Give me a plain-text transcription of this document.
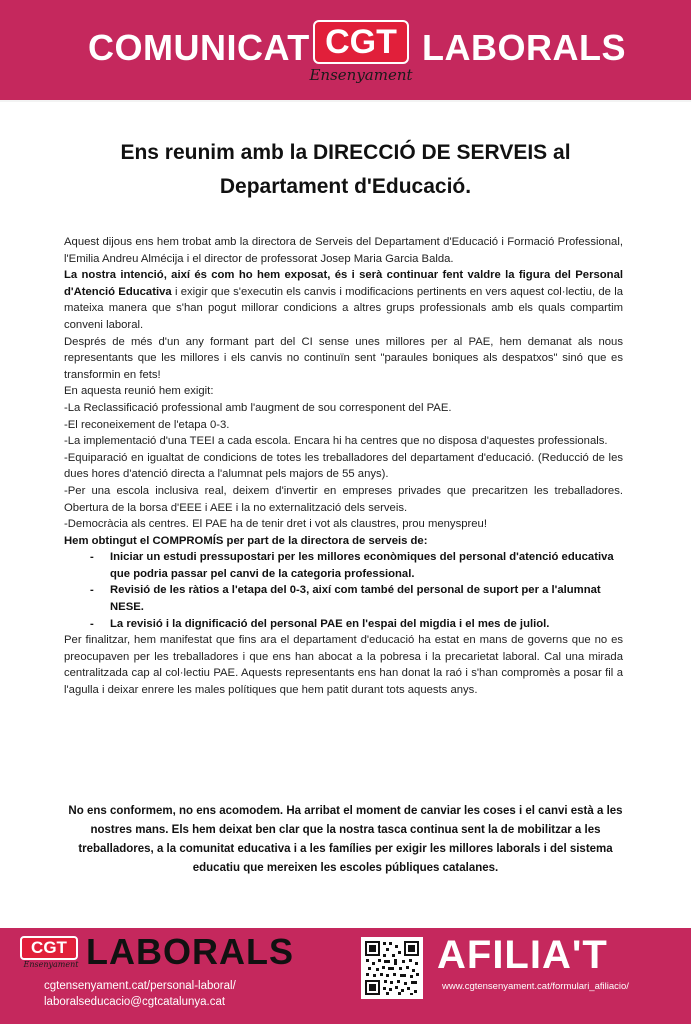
COMUNICAT CGT
Ensenyament
LABORALS
Ens reunim amb la DIRECCIÓ DE SERVEIS al
Departament d'Educació.

Aquest dijous ens hem trobat amb la directora de Serveis del Departament d'Educació i Formació Professional, l'Emilia Andreu Almécija i el director de professorat Josep Maria Garcia Balda.

La nostra intenció, així és com ho hem exposat, és i serà continuar fent valdre la figura del Personal d'Atenció Educativa i exigir que s'executin els canvis i modificacions pertinents en vers aquest col·lectiu, de la mateixa manera que s'han pogut millorar condicions a altres grups professionals amb els quals compartim conveni laboral.

Després de més d'un any formant part del CI sense unes millores per al PAE, hem demanat als nous representants que les millores i els canvis no continuïn sent "paraules boniques als despatxos" sinó que es transformin en fets!

En aquesta reunió hem exigit:

-La Reclassificació professional amb l'augment de sou corresponent del PAE.

-El reconeixement de l'etapa 0-3.

-La implementació d'una TEEI a cada escola. Encara hi ha centres que no disposa d'aquestes professionals.

-Equiparació en igualtat de condicions de totes les treballadores del departament d'educació. (Reducció de les dues hores d'atenció directa a l'alumnat pels majors de 55 anys).

-Per una escola inclusiva real, deixem d'invertir en empreses privades que precaritzen les treballadores. Obertura de la borsa d'EEE i AEE i la no externalització dels serveis.

-Democràcia als centres. El PAE ha de tenir dret i vot als claustres, prou menyspreu!

Hem obtingut el COMPROMÍS per part de la directora de serveis de:

- Iniciar un estudi pressupostari per les millores econòmiques del personal d'atenció educativa que podria passar pel canvi de la categoria professional.
- Revisió de les ràtios a l'etapa del 0-3, així com també del personal de suport per a l'alumnat NESE.
- La revisió i la dignificació del personal PAE en l'espai del migdia i el mes de juliol.

Per finalitzar, hem manifestat que fins ara el departament d'educació ha estat en mans de governs que no es preocupaven per les treballadores i que ens han abocat a la pobresa i la precarietat laboral. Cal una mirada centralitzada cap al col·lectiu PAE. Aquests representants ens han donat la raó i s'han compromès a posar fil a l'agulla i deixar enrere les males polítiques que hem patit durant tots aquests anys.

No ens conformem, no ens acomodem. Ha arribat el moment de canviar les coses i el canvi està a les nostres mans. Els hem deixat ben clar que la nostra tasca continua sent la de mobilitzar a les treballadores, a la comunitat educativa i a les famílies per exigir les millores laborals i del sistema educatiu que mereixen les escoles públiques catalanes.
CGT
Ensenyament LABORALS
cgtensenyament.cat/personal-laboral/
laboralseducacio@cgtcatalunya.cat
AFILIA'T
www.cgtensenyament.cat/formulari_afiliacio/
